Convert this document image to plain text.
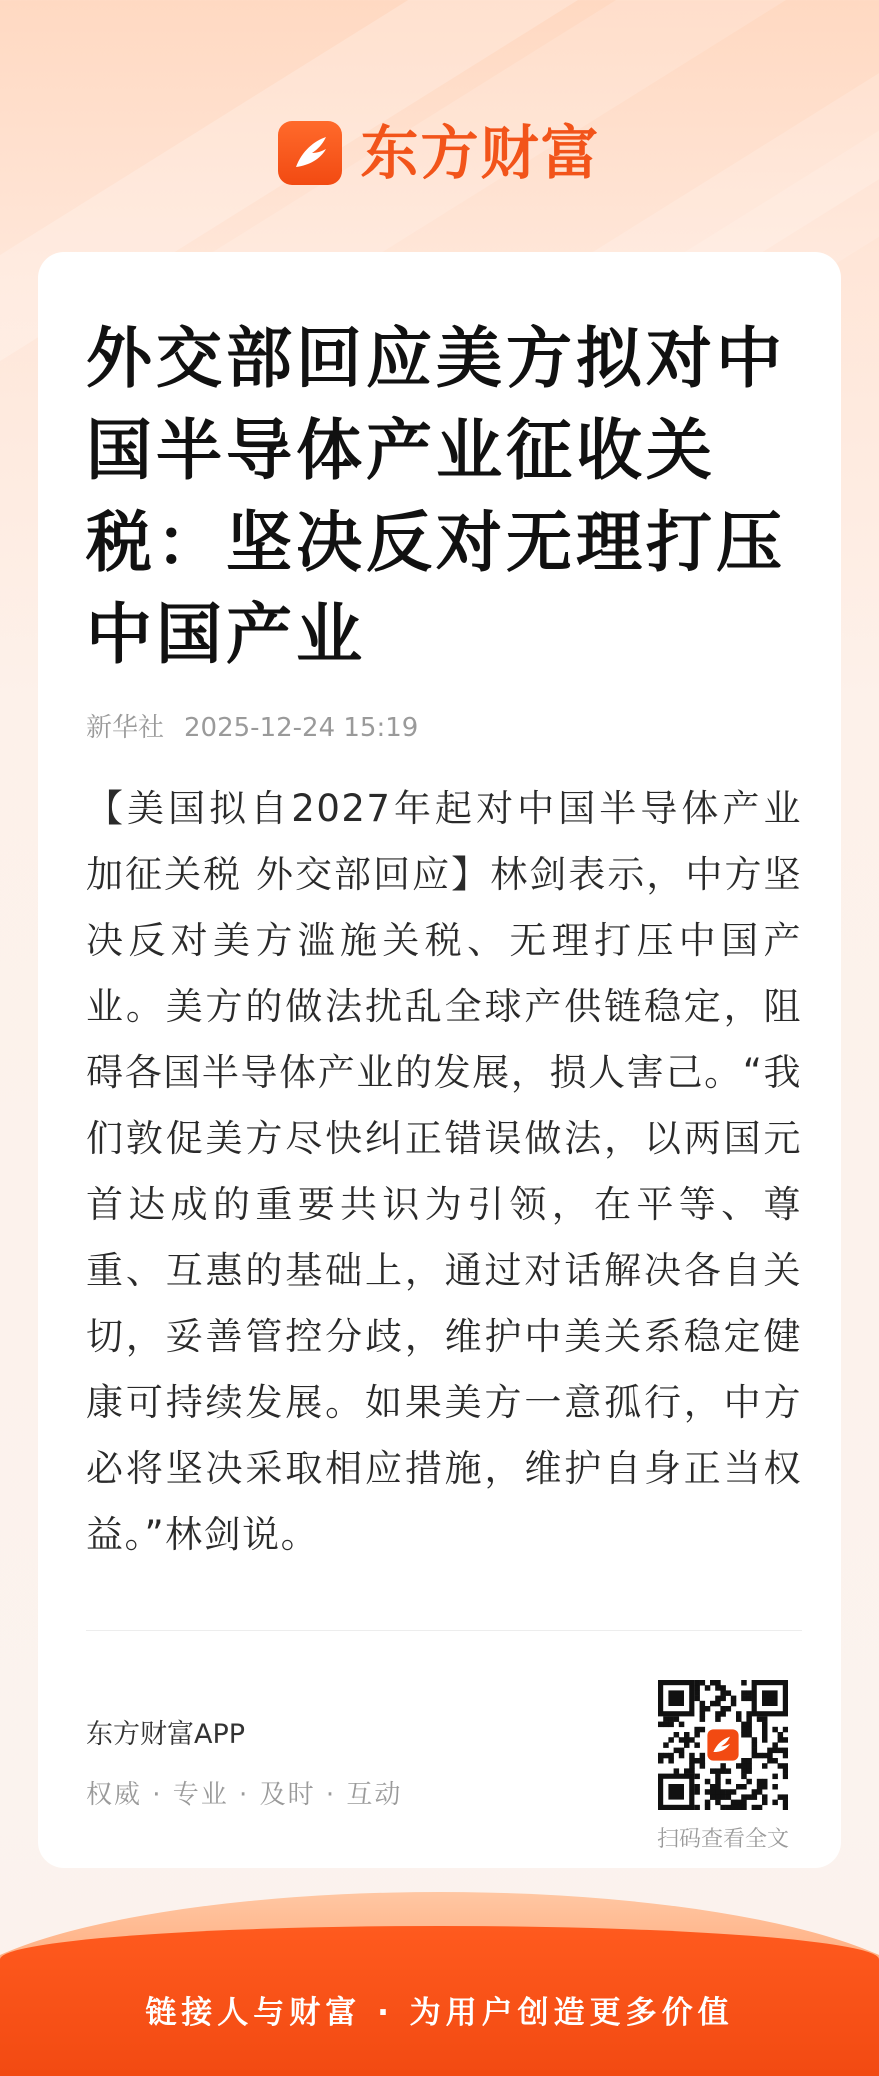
东方财富
外交部回应美方拟对中国半导体产业征收关税：坚决反对无理打压中国产业
新华社 2025-12-24 15:19

【美国拟自2027年起对中国半导体产业加征关税 外交部回应】林剑表示，中方坚决反对美方滥施关税、无理打压中国产业。美方的做法扰乱全球产供链稳定，阻碍各国半导体产业的发展，损人害己。“我们敦促美方尽快纠正错误做法，以两国元首达成的重要共识为引领，在平等、尊重、互惠的基础上，通过对话解决各自关切，妥善管控分歧，维护中美关系稳定健康可持续发展。如果美方一意孤行，中方必将坚决采取相应措施，维护自身正当权益。”林剑说。

东方财富APP
权威 · 专业 · 及时 · 互动
扫码查看全文
链接人与财富 · 为用户创造更多价值
